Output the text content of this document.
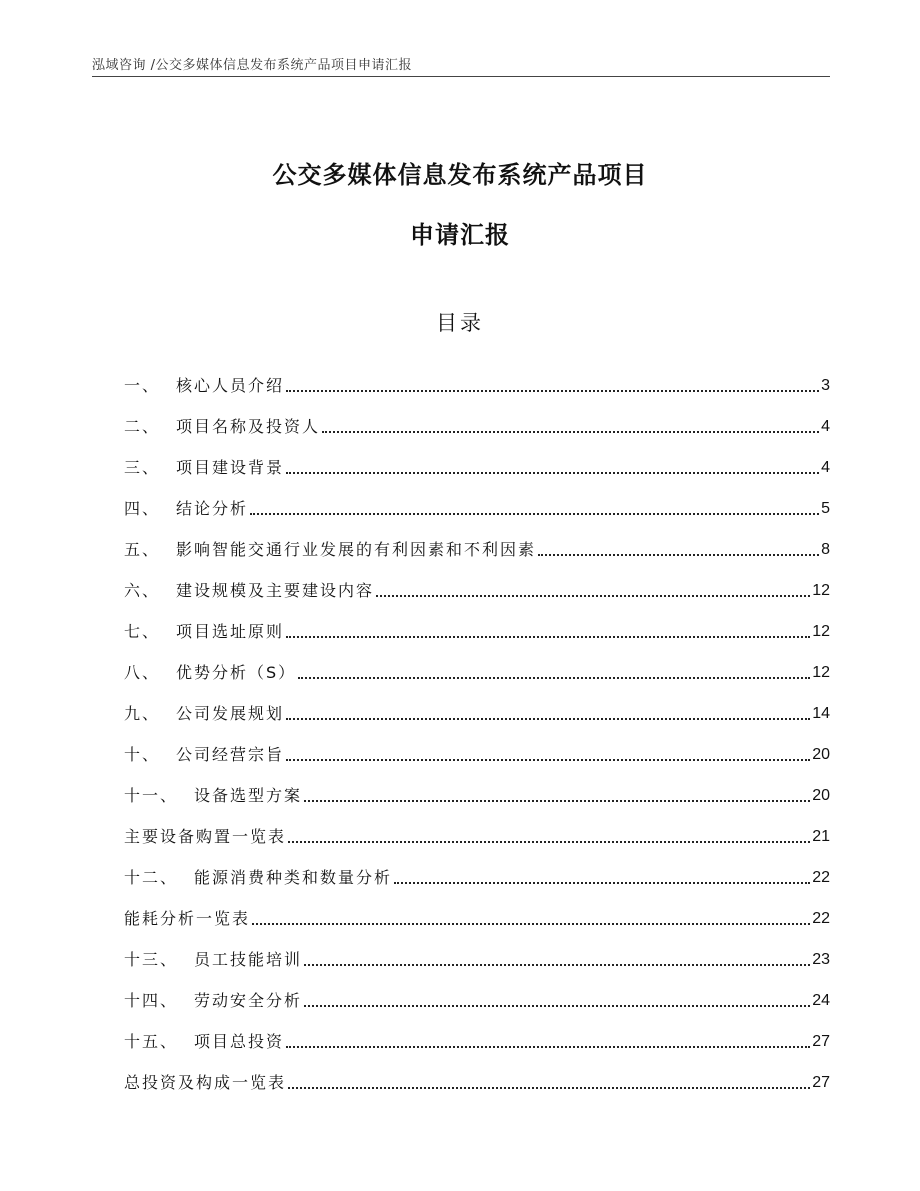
泓域咨询 /公交多媒体信息发布系统产品项目申请汇报
公交多媒体信息发布系统产品项目
申请汇报
目录
一、 核心人员介绍	3
二、 项目名称及投资人	4
三、 项目建设背景	4
四、 结论分析	5
五、 影响智能交通行业发展的有利因素和不利因素	8
六、 建设规模及主要建设内容	12
七、 项目选址原则	12
八、 优势分析（S）	12
九、 公司发展规划	14
十、 公司经营宗旨	20
十一、 设备选型方案	20
主要设备购置一览表	21
十二、 能源消费种类和数量分析	22
能耗分析一览表	22
十三、 员工技能培训	23
十四、 劳动安全分析	24
十五、 项目总投资	27
总投资及构成一览表	27
